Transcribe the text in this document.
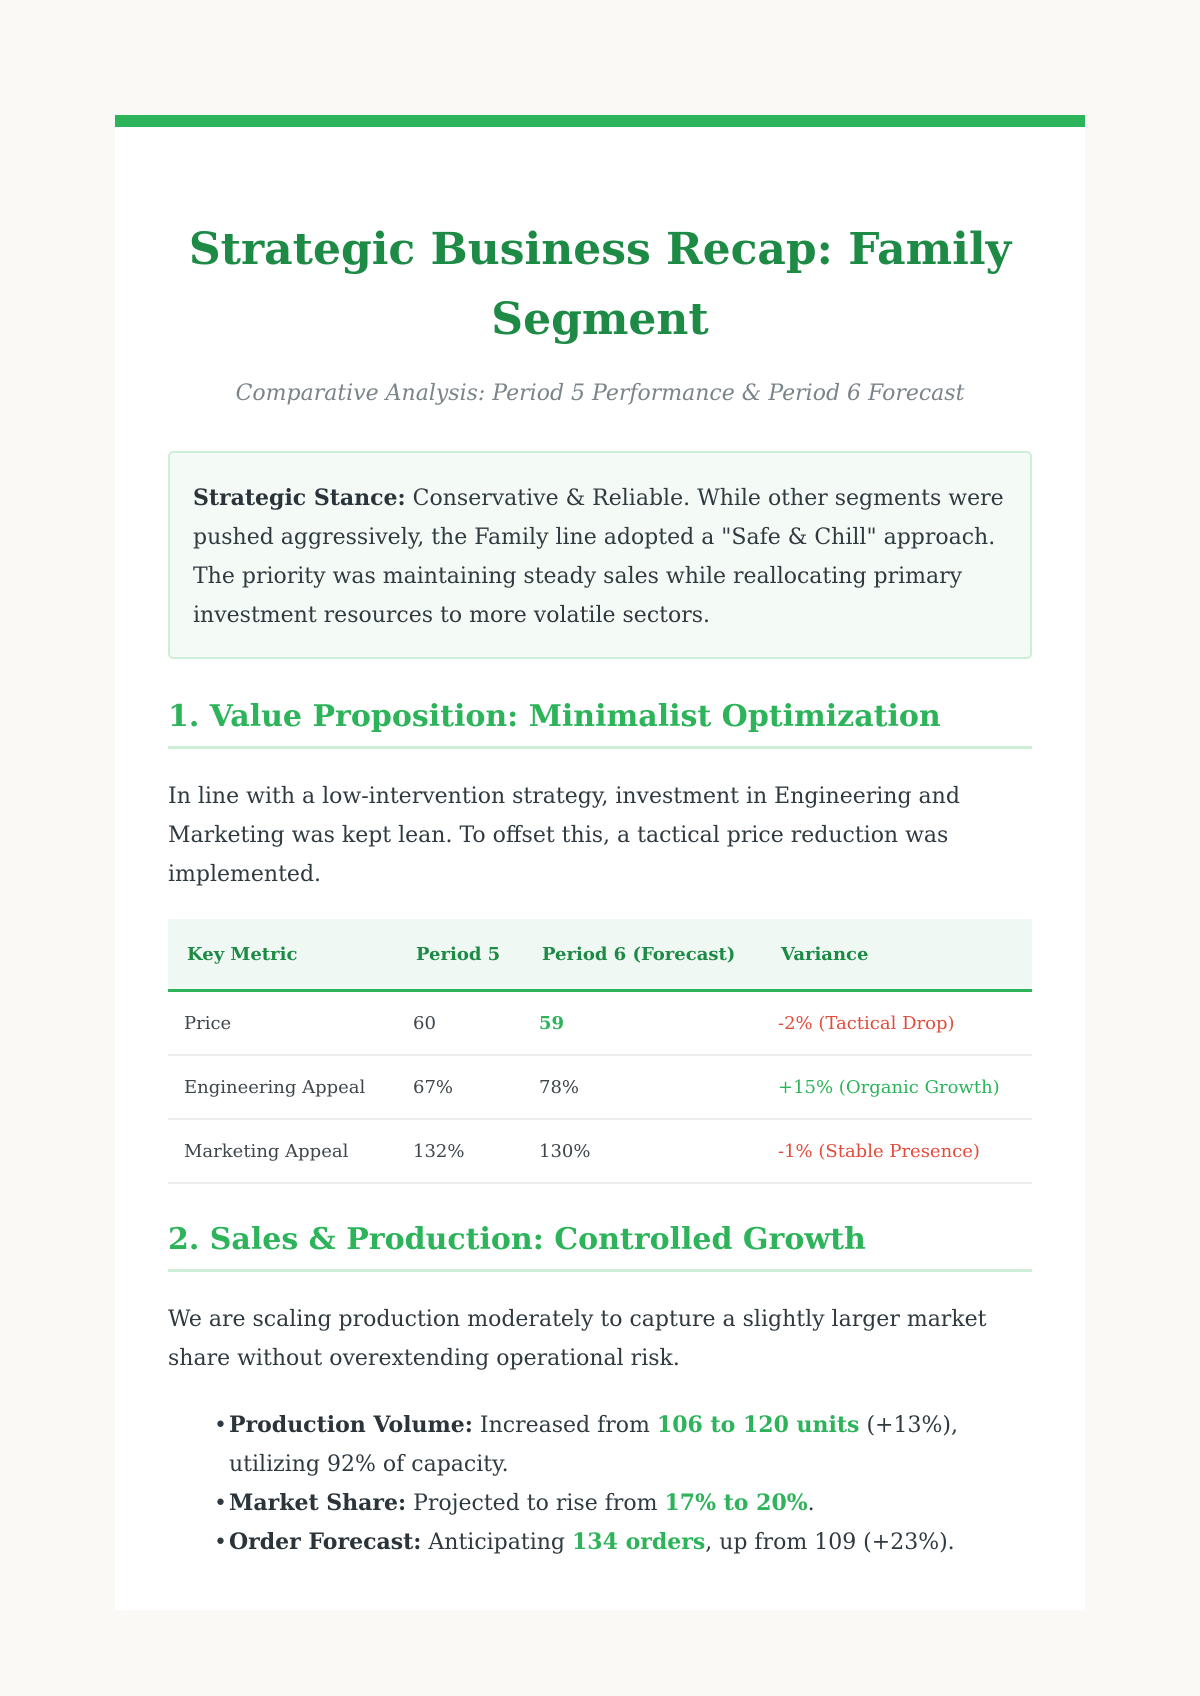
Strategic Business Recap: Family Segment
Comparative Analysis: Period 5 Performance & Period 6 Forecast
Strategic Stance: Conservative & Reliable. While other segments were pushed aggressively, the Family line adopted a "Safe & Chill" approach. The priority was maintaining steady sales while reallocating primary investment resources to more volatile sectors.
1. Value Proposition: Minimalist Optimization

In line with a low-intervention strategy, investment in Engineering and Marketing was kept lean. To offset this, a tactical price reduction was implemented.

Key Metric	Period 5	Period 6 (Forecast)	Variance
Price	60	59	-2% (Tactical Drop)
Engineering Appeal	67%	78%	+15% (Organic Growth)
Marketing Appeal	132%	130%	-1% (Stable Presence)
2. Sales & Production: Controlled Growth

We are scaling production moderately to capture a slightly larger market share without overextending operational risk.

• Production Volume: Increased from 106 to 120 units (+13%), utilizing 92% of capacity.
• Market Share: Projected to rise from 17% to 20%.
• Order Forecast: Anticipating 134 orders, up from 109 (+23%).
